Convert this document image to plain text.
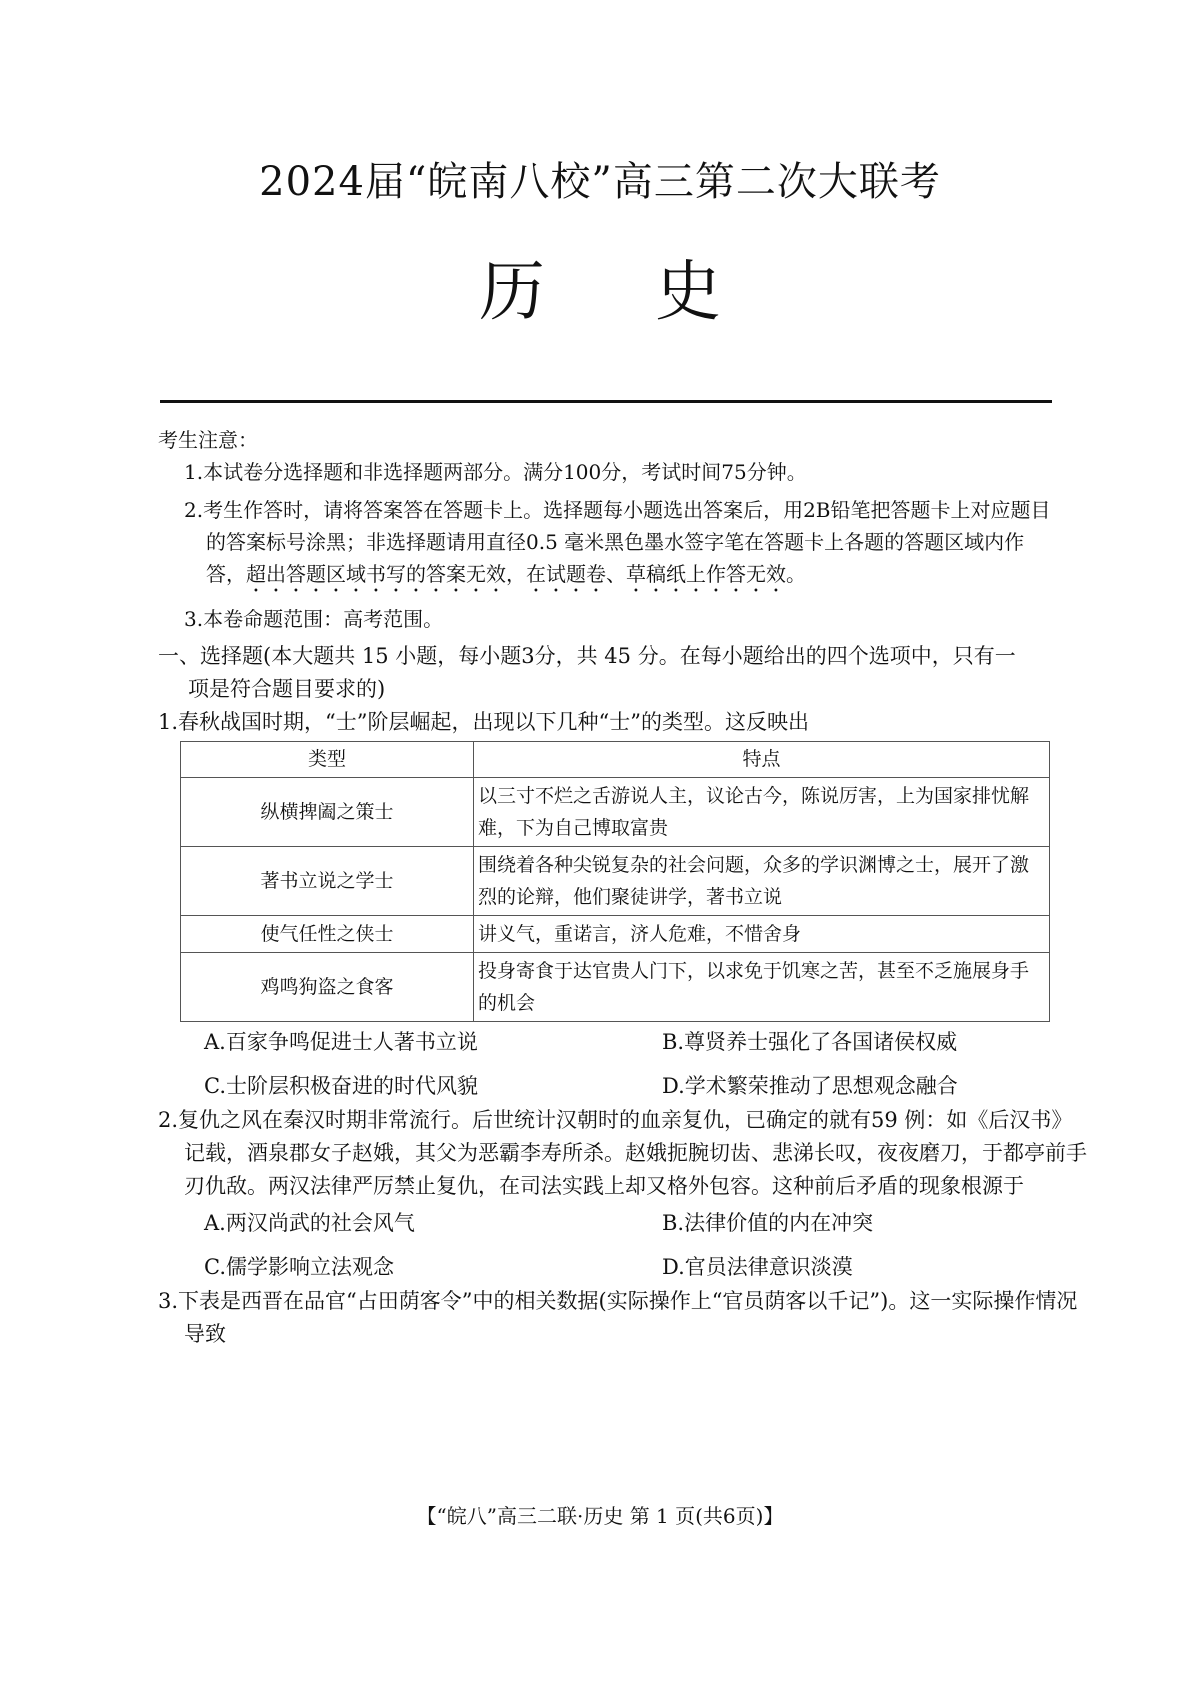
2024届“皖南八校”高三第二次大联考
历史
考生注意：
1.本试卷分选择题和非选择题两部分。满分100分，考试时间75分钟。
2.考生作答时，请将答案答在答题卡上。选择题每小题选出答案后，用2B铅笔把答题卡上对应题目的答案标号涂黑；非选择题请用直径0.5 毫米黑色墨水签字笔在答题卡上各题的答题区域内作答，超出答题区域书写的答案无效，在试题卷、草稿纸上作答无效。
3.本卷命题范围：高考范围。
一、选择题(本大题共 15 小题，每小题3分，共 45 分。在每小题给出的四个选项中，只有一
项是符合题目要求的)
1.春秋战国时期，“士”阶层崛起，出现以下几种“士”的类型。这反映出
类型	特点
纵横捭阖之策士	以三寸不烂之舌游说人主，议论古今，陈说厉害，上为国家排忧解难，下为自己博取富贵
著书立说之学士	围绕着各种尖锐复杂的社会问题，众多的学识渊博之士，展开了激烈的论辩，他们聚徒讲学，著书立说
使气任性之侠士	讲义气，重诺言，济人危难，不惜舍身
鸡鸣狗盗之食客	投身寄食于达官贵人门下，以求免于饥寒之苦，甚至不乏施展身手的机会
A.百家争鸣促进士人著书立说	B.尊贤养士强化了各国诸侯权威
C.士阶层积极奋进的时代风貌	D.学术繁荣推动了思想观念融合
2.复仇之风在秦汉时期非常流行。后世统计汉朝时的血亲复仇，已确定的就有59 例：如《后汉书》记载，酒泉郡女子赵娥，其父为恶霸李寿所杀。赵娥扼腕切齿、悲涕长叹，夜夜磨刀，于都亭前手刃仇敌。两汉法律严厉禁止复仇，在司法实践上却又格外包容。这种前后矛盾的现象根源于
A.两汉尚武的社会风气	B.法律价值的内在冲突
C.儒学影响立法观念	D.官员法律意识淡漠
3.下表是西晋在品官“占田荫客令”中的相关数据(实际操作上“官员荫客以千记”)。这一实际操作情况导致
【“皖八”高三二联·历史 第 1 页(共6页)】
